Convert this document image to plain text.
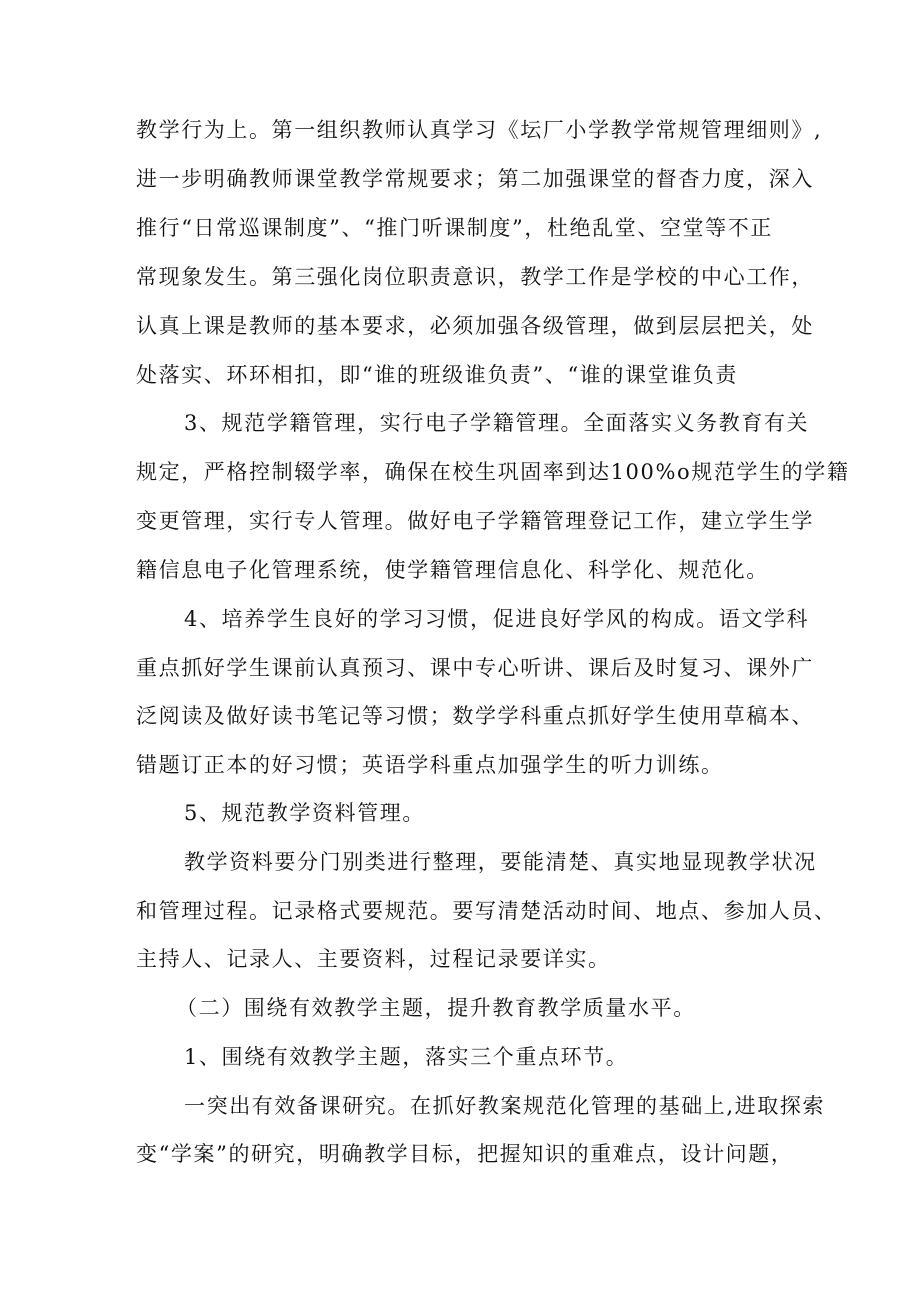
教学行为上。第一组织教师认真学习《坛厂小学教学常规管理细则》,
进一步明确教师课堂教学常规要求；第二加强课堂的督杳力度，深入
推行“日常巡课制度”、“推门听课制度”，杜绝乱堂、空堂等不正
常现象发生。第三强化岗位职责意识，教学工作是学校的中心工作，
认真上课是教师的基本要求，必须加强各级管理，做到层层把关，处
处落实、环环相扣，即“谁的班级谁负责”、“谁的课堂谁负责
3、规范学籍管理，实行电子学籍管理。全面落实义务教育有关
规定，严格控制辍学率，确保在校生巩固率到达100%o规范学生的学籍
变更管理，实行专人管理。做好电子学籍管理登记工作，建立学生学
籍信息电子化管理系统，使学籍管理信息化、科学化、规范化。
4、培养学生良好的学习习惯，促进良好学风的构成。语文学科
重点抓好学生课前认真预习、课中专心听讲、课后及时复习、课外广
泛阅读及做好读书笔记等习惯；数学学科重点抓好学生使用草稿本、
错题订正本的好习惯；英语学科重点加强学生的听力训练。
5、规范教学资料管理。
教学资料要分门别类进行整理，要能清楚、真实地显现教学状况
和管理过程。记录格式要规范。要写清楚活动时间、地点、参加人员、
主持人、记录人、主要资料，过程记录要详实。
（二）围绕有效教学主题，提升教育教学质量水平。
1、围绕有效教学主题，落实三个重点环节。
一突出有效备课研究。在抓好教案规范化管理的基础上,进取探索
变“学案”的研究，明确教学目标，把握知识的重难点，设计问题，
